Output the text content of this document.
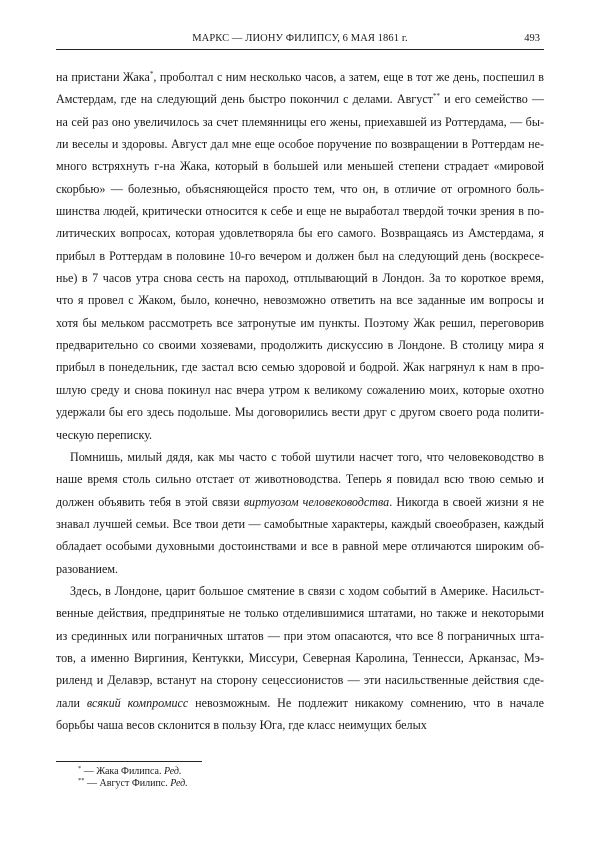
МАРКС — ЛИОНУ ФИЛИПСУ, 6 МАЯ 1861 г.	493
на пристани Жака*, проболтал с ним несколько часов, а затем, еще в тот же день, поспешил в
Амстердам, где на следующий день быстро покончил с делами. Август** и его семейство —
на сей раз оно увеличилось за счет племянницы его жены, приехавшей из Роттердама, — бы-
ли веселы и здоровы. Август дал мне еще особое поручение по возвращении в Роттердам не-
много встряхнуть г-на Жака, который в большей или меньшей степени страдает «мировой
скорбью» — болезнью, объясняющейся просто тем, что он, в отличие от огромного боль-
шинства людей, критически относится к себе и еще не выработал твердой точки зрения в по-
литических вопросах, которая удовлетворяла бы его самого. Возвращаясь из Амстердама, я
прибыл в Роттердам в половине 10-го вечером и должен был на следующий день (воскресе-
нье) в 7 часов утра снова сесть на пароход, отплывающий в Лондон. За то короткое время,
что я провел с Жаком, было, конечно, невозможно ответить на все заданные им вопросы и
хотя бы мельком рассмотреть все затронутые им пункты. Поэтому Жак решил, переговорив
предварительно со своими хозяевами, продолжить дискуссию в Лондоне. В столицу мира я
прибыл в понедельник, где застал всю семью здоровой и бодрой. Жак нагрянул к нам в про-
шлую среду и снова покинул нас вчера утром к великому сожалению моих, которые охотно
удержали бы его здесь подольше. Мы договорились вести друг с другом своего рода полити-
ческую переписку.
Помнишь, милый дядя, как мы часто с тобой шутили насчет того, что человеководство в
наше время столь сильно отстает от животноводства. Теперь я повидал всю твою семью и
должен объявить тебя в этой связи виртуозом человеководства. Никогда в своей жизни я не
знавал лучшей семьи. Все твои дети — самобытные характеры, каждый своеобразен, каждый
обладает особыми духовными достоинствами и все в равной мере отличаются широким об-
разованием.
Здесь, в Лондоне, царит большое смятение в связи с ходом событий в Америке. Насильст-
венные действия, предпринятые не только отделившимися штатами, но также и некоторыми
из срединных или пограничных штатов — при этом опасаются, что все 8 пограничных шта-
тов, а именно Виргиния, Кентукки, Миссури, Северная Каролина, Теннесси, Арканзас, Мэ-
риленд и Делавэр, встанут на сторону сецессионистов — эти насильственные действия сде-
лали всякий компромисс невозможным. Не подлежит никакому сомнению, что в начале
борьбы чаша весов склонится в пользу Юга, где класс неимущих белых
* — Жака Филипса. Ред.
** — Август Филипс. Ред.
